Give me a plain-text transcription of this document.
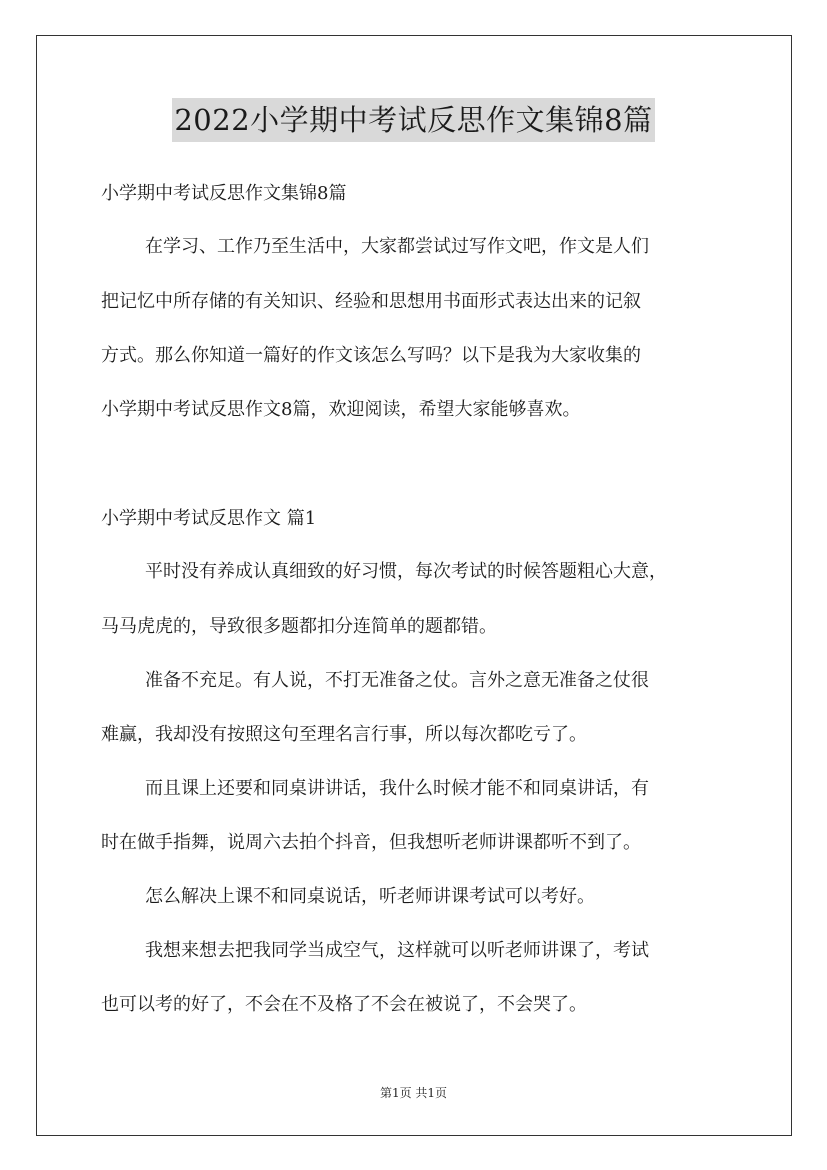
2022小学期中考试反思作文集锦8篇
小学期中考试反思作文集锦8篇
在学习、工作乃至生活中，大家都尝试过写作文吧，作文是人们
把记忆中所存储的有关知识、经验和思想用书面形式表达出来的记叙
方式。那么你知道一篇好的作文该怎么写吗？以下是我为大家收集的
小学期中考试反思作文8篇，欢迎阅读，希望大家能够喜欢。
小学期中考试反思作文 篇1
平时没有养成认真细致的好习惯，每次考试的时候答题粗心大意，
马马虎虎的，导致很多题都扣分连简单的题都错。
准备不充足。有人说，不打无准备之仗。言外之意无准备之仗很
难赢，我却没有按照这句至理名言行事，所以每次都吃亏了。
而且课上还要和同桌讲讲话，我什么时候才能不和同桌讲话，有
时在做手指舞，说周六去拍个抖音，但我想听老师讲课都听不到了。
怎么解决上课不和同桌说话，听老师讲课考试可以考好。
我想来想去把我同学当成空气，这样就可以听老师讲课了，考试
也可以考的好了，不会在不及格了不会在被说了，不会哭了。
第1页 共1页
